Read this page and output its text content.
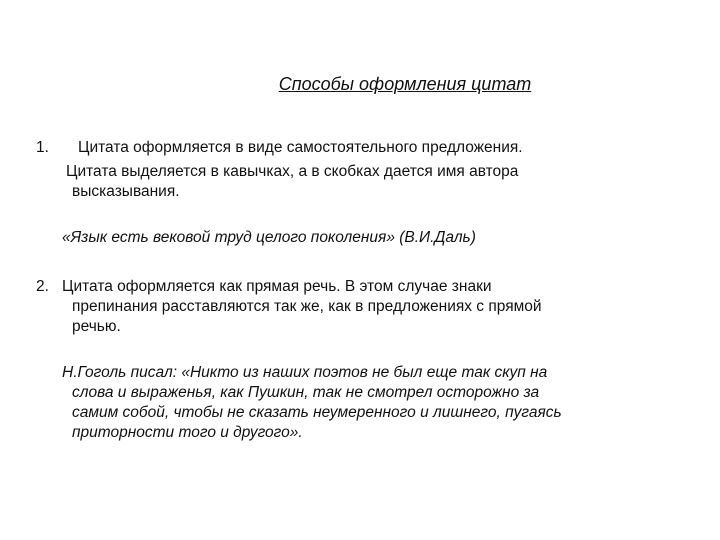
Способы оформления цитат
1. Цитата оформляется в виде самостоятельного предложения.
Цитата выделяется в кавычках, а в скобках дается имя автора
высказывания.
«Язык есть вековой труд целого поколения» (В.И.Даль)
2. Цитата оформляется как прямая речь. В этом случае знаки
препинания расставляются так же, как в предложениях с прямой
речью.
Н.Гоголь писал: «Никто из наших поэтов не был еще так скуп на
слова и выраженья, как Пушкин, так не смотрел осторожно за
самим собой, чтобы не сказать неумеренного и лишнего, пугаясь
приторности того и другого».
